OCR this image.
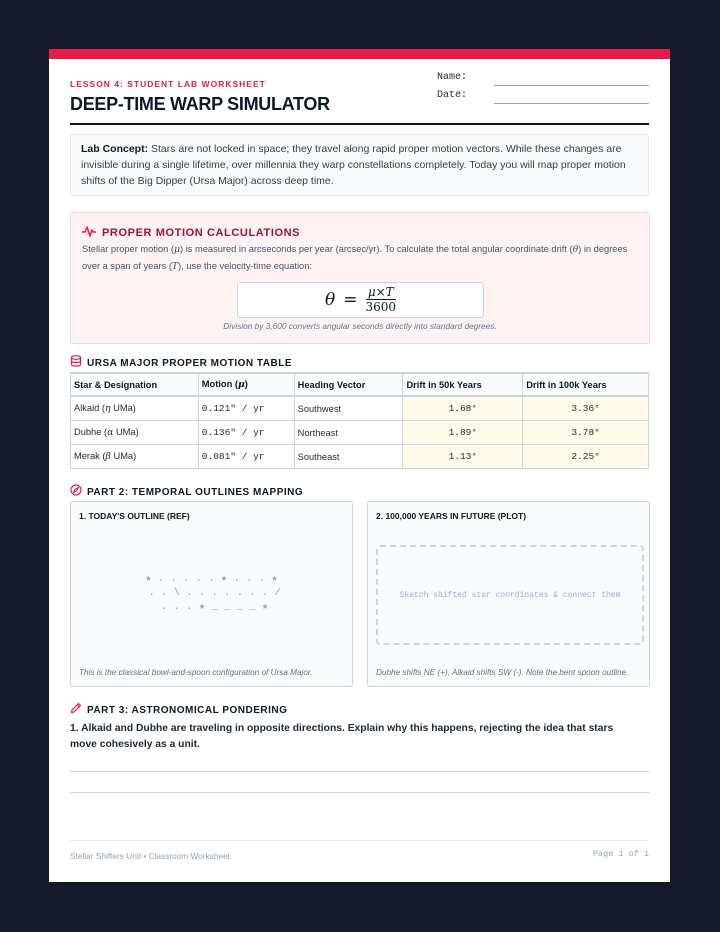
LESSON 4: STUDENT LAB WORKSHEET
DEEP-TIME WARP SIMULATOR
Name:
Date:
Lab Concept: Stars are not locked in space; they travel along rapid proper motion vectors. While these changes are invisible during a single lifetime, over millennia they warp constellations completely. Today you will map proper motion shifts of the Big Dipper (Ursa Major) across deep time.
PROPER MOTION CALCULATIONS
Stellar proper motion (μ) is measured in arcseconds per year (arcsec/yr). To calculate the total angular coordinate drift (θ) in degrees over a span of years (T), use the velocity-time equation:
$\theta = \frac{\mu\times T}{3600}$
Division by 3,600 converts angular seconds directly into standard degrees.
URSA MAJOR PROPER MOTION TABLE
Star & Designation	Motion (μ)	Heading Vector	Drift in 50k Years	Drift in 100k Years
Alkaid (η UMa)	0.121" / yr	Southwest	1.68°	3.36°
Dubhe (α UMa)	0.136" / yr	Northeast	1.89°	3.78°
Merak (β UMa)	0.081" / yr	Southeast	1.13°	2.25°
PART 2: TEMPORAL OUTLINES MAPPING
1. TODAY'S OUTLINE (REF)
★ . . . . . ★ . . . ★
. . \ . . . . . . . /
. . . ★ _ _ _ _ ★
This is the classical bowl-and-spoon configuration of Ursa Major.
2. 100,000 YEARS IN FUTURE (PLOT)
Sketch shifted star coordinates & connect them
Dubhe shifts NE (+), Alkaid shifts SW (-). Note the bent spoon outline.
PART 3: ASTRONOMICAL PONDERING
1. Alkaid and Dubhe are traveling in opposite directions. Explain why this happens, rejecting the idea that stars move cohesively as a unit.
Stellar Shifters Unit • Classroom Worksheet	Page 1 of 1
